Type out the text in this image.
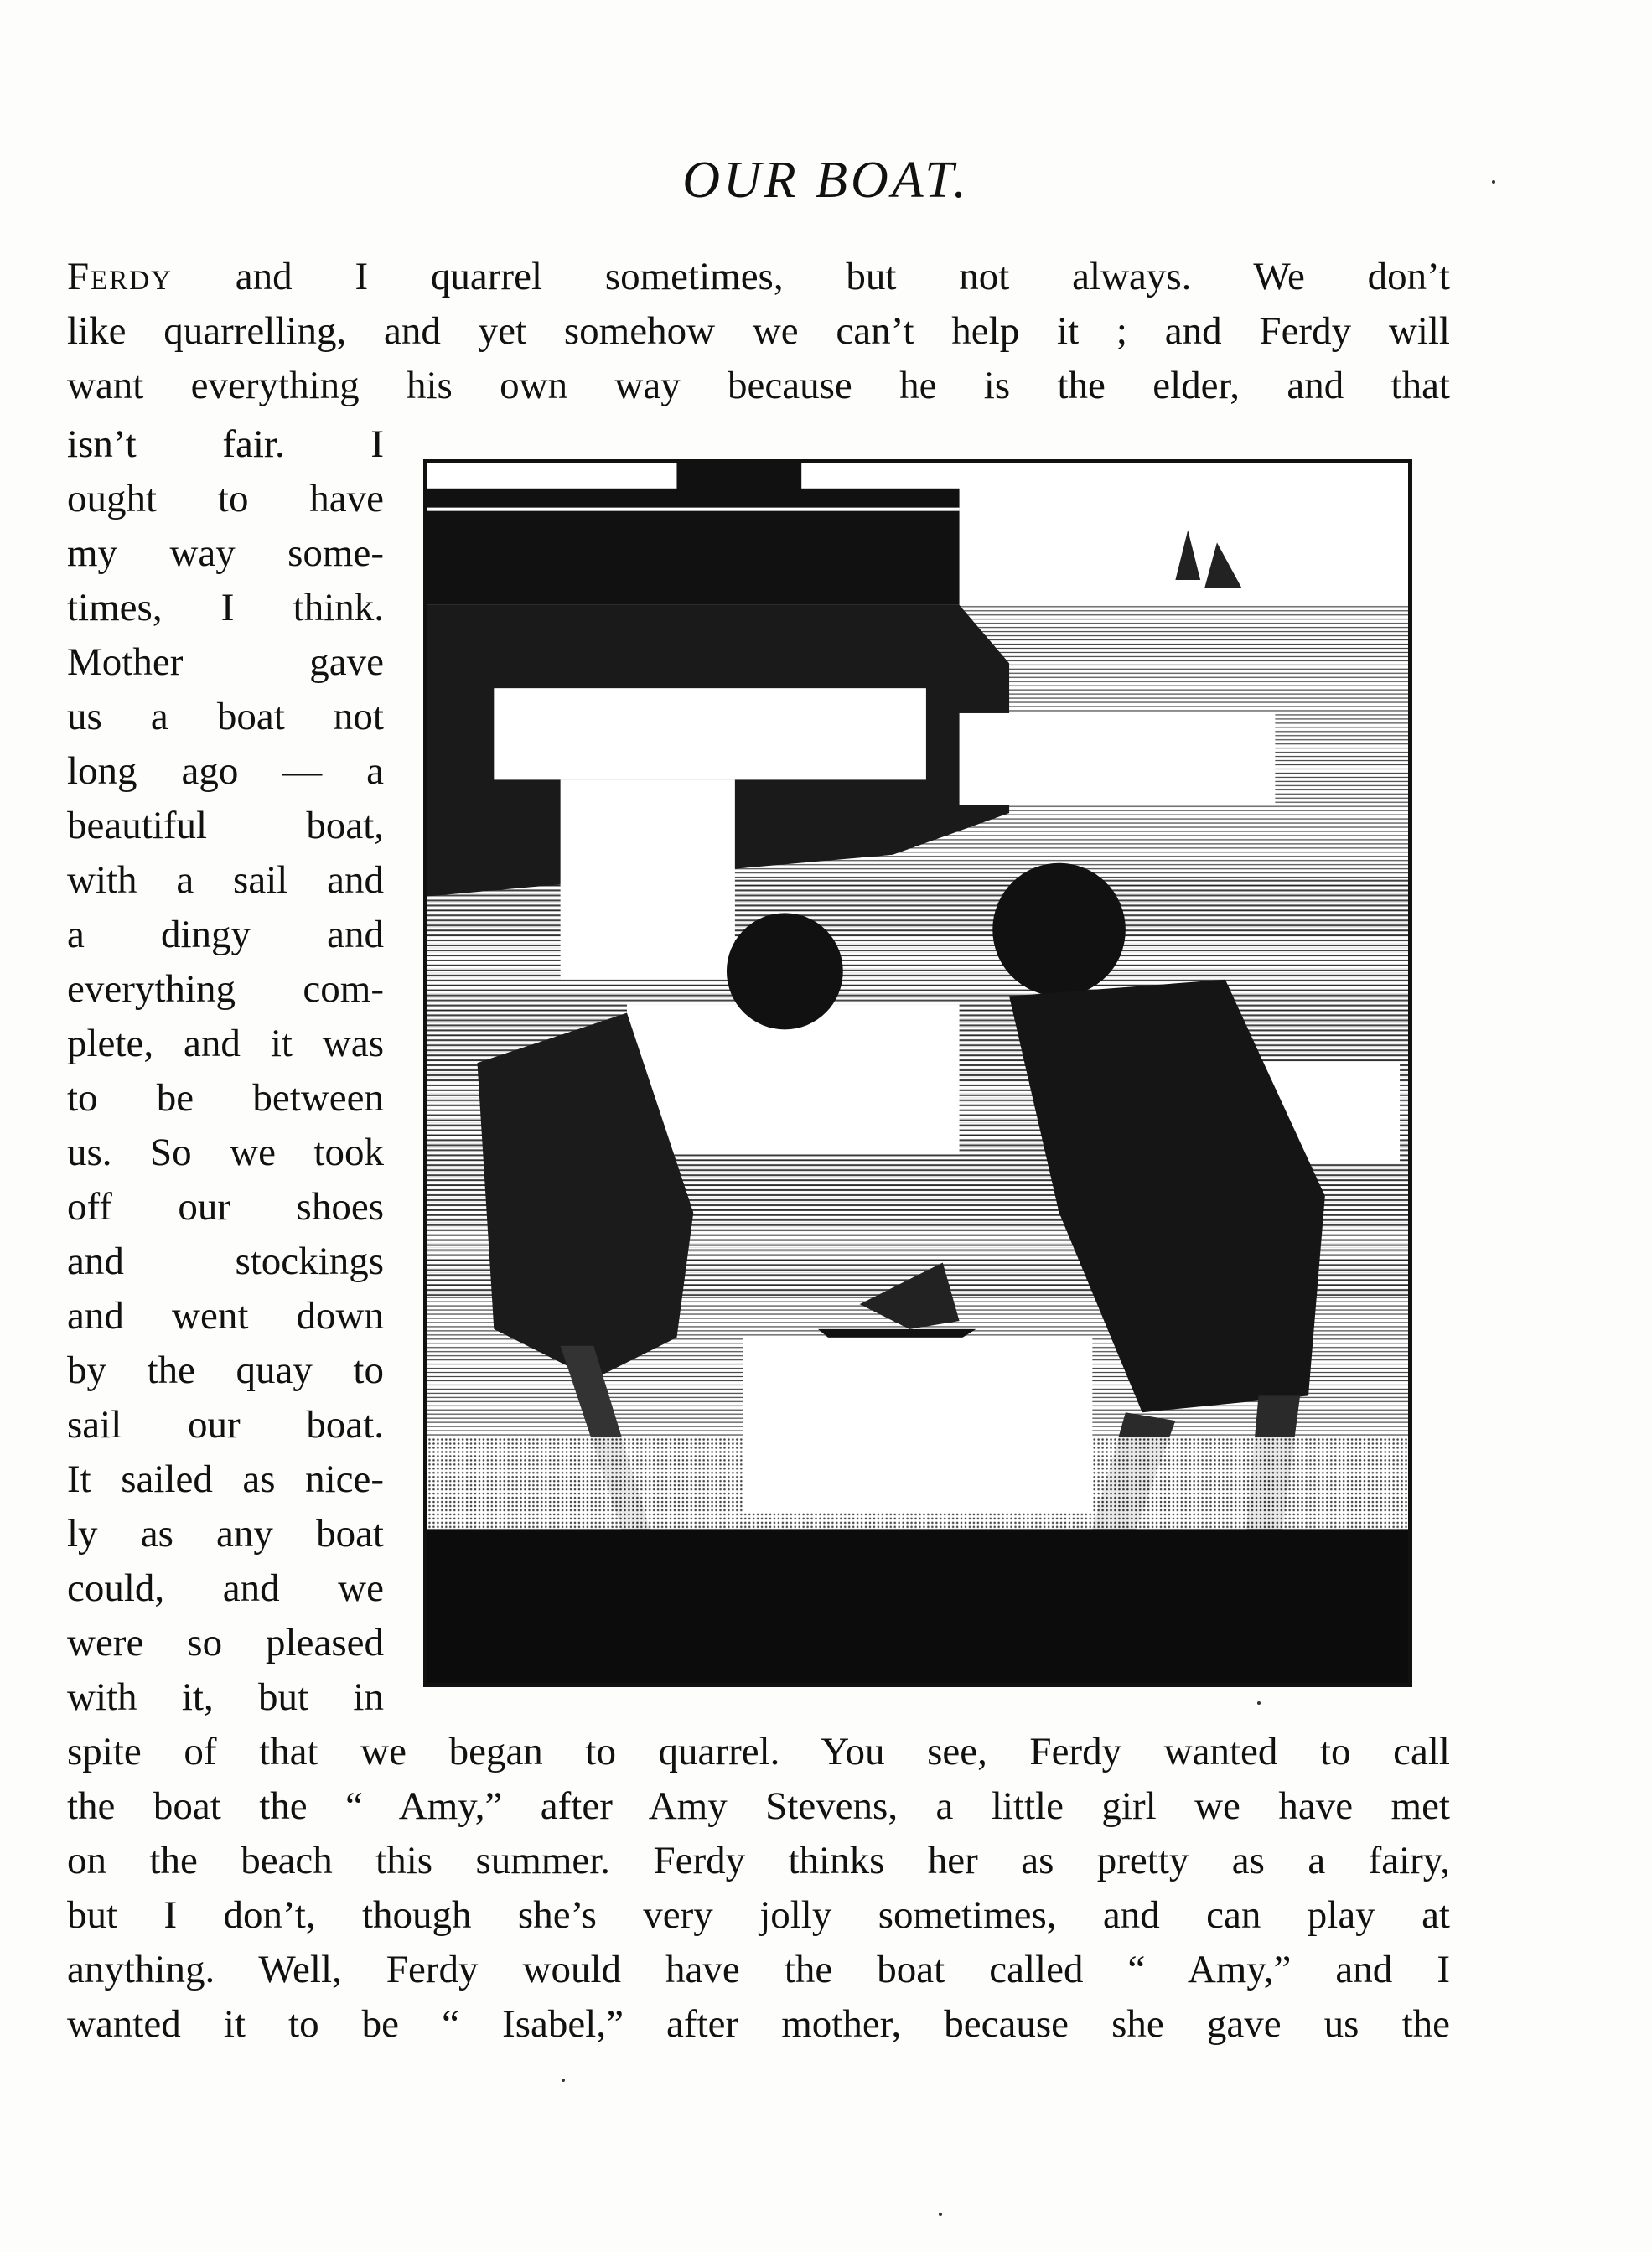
OUR BOAT.
Ferdy and I quarrel sometimes, but not always. We don’t
like quarrelling, and yet somehow we can’t help it ; and Ferdy will
want everything his own way because he is the elder, and that
isn’t fair. I
ought to have
my way some-
times, I think.
Mother gave
us a boat not
long ago — a
beautiful boat,
with a sail and
a dingy and
everything com-
plete, and it was
to be between
us. So we took
off our shoes
and stockings
and went down
by the quay to
sail our boat.
It sailed as nice-
ly as any boat
could, and we
were so pleased
with it, but in
spite of that we began to quarrel. You see, Ferdy wanted to call
the boat the “ Amy,” after Amy Stevens, a little girl we have met
on the beach this summer. Ferdy thinks her as pretty as a fairy,
but I don’t, though she’s very jolly sometimes, and can play at
anything. Well, Ferdy would have the boat called “ Amy,” and I
wanted it to be “ Isabel,” after mother, because she gave us the
